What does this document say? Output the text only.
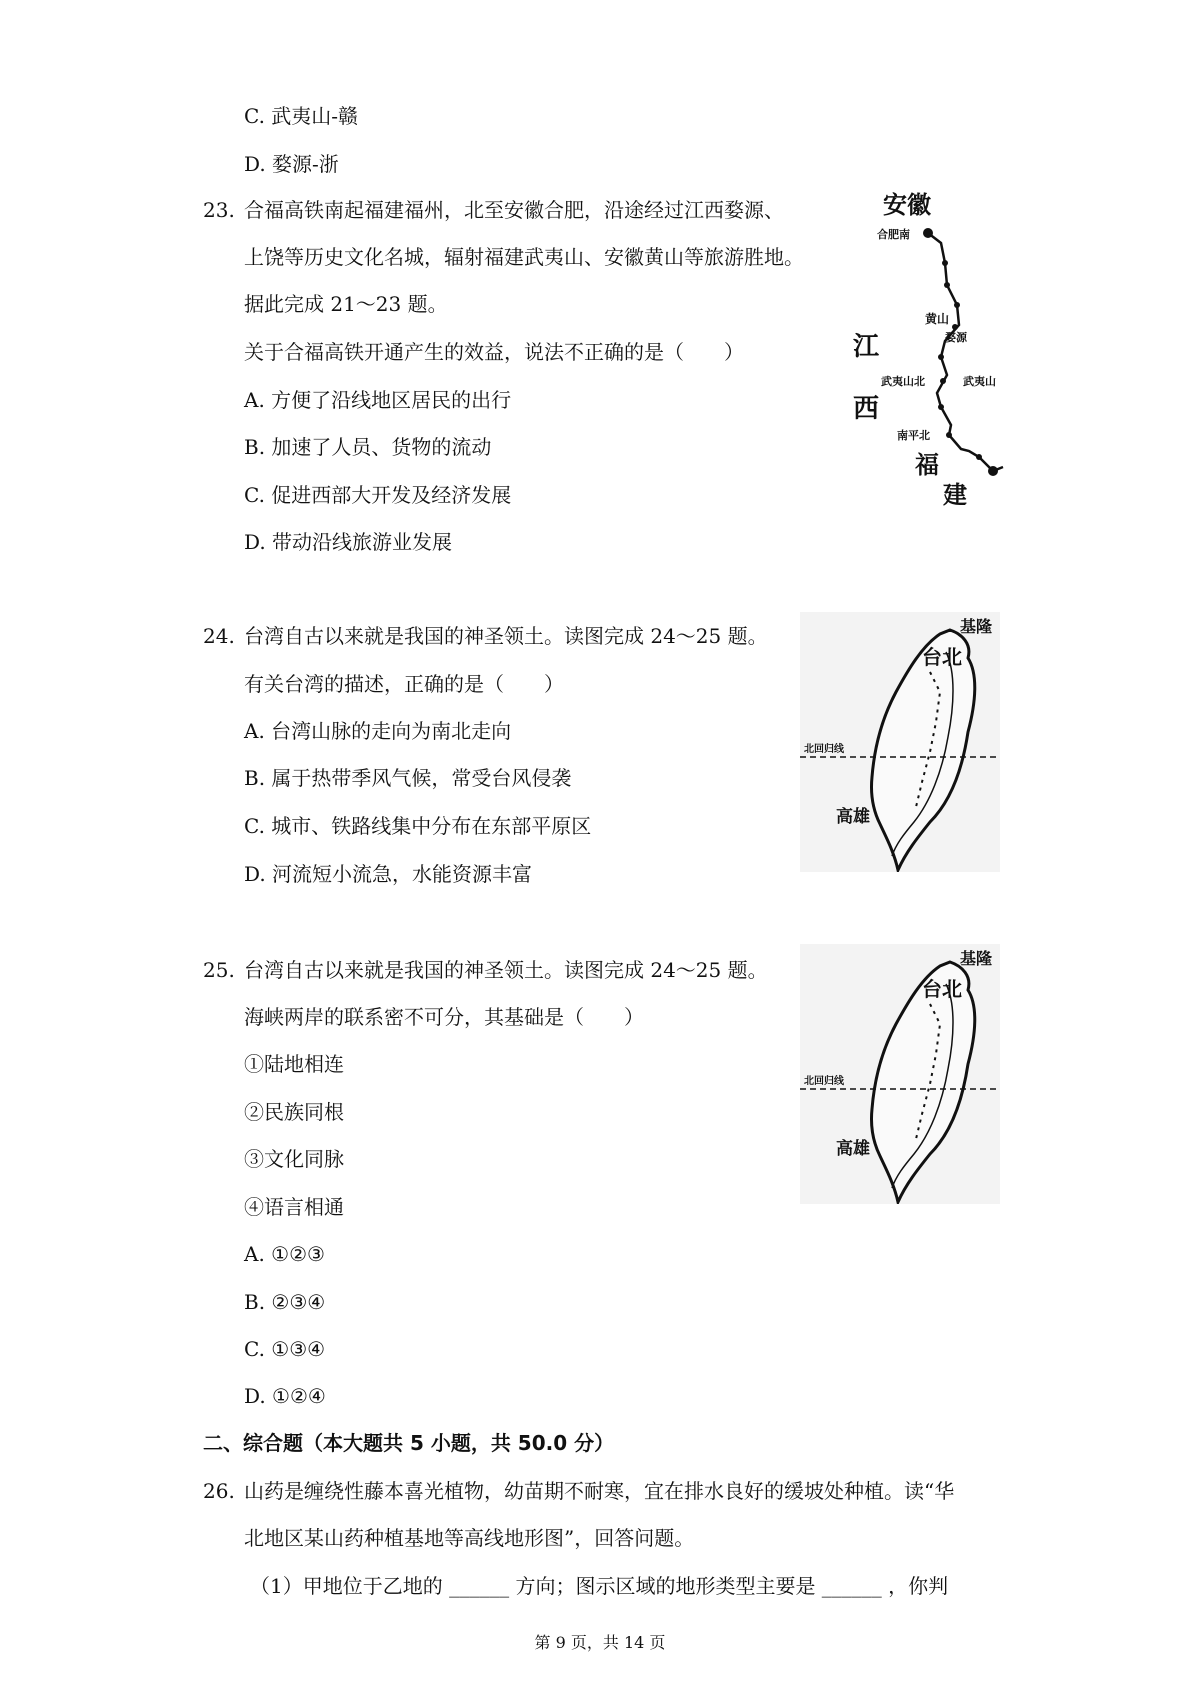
C. 武夷山-赣
D. 婺源-浙
23. 合福高铁南起福建福州，北至安徽合肥，沿途经过江西婺源、
上饶等历史文化名城，辐射福建武夷山、安徽黄山等旅游胜地。
据此完成 21～23 题。
关于合福高铁开通产生的效益，说法不正确的是（　　）
A. 方便了沿线地区居民的出行
B. 加速了人员、货物的流动
C. 促进西部大开发及经济发展
D. 带动沿线旅游业发展
安徽
江
西
福
建
合肥南
黄山
婺源
武夷山北	武夷山
南平北
24. 台湾自古以来就是我国的神圣领土。读图完成 24～25 题。
有关台湾的描述，正确的是（　　）
A. 台湾山脉的走向为南北走向
B. 属于热带季风气候，常受台风侵袭
C. 城市、铁路线集中分布在东部平原区
D. 河流短小流急，水能资源丰富
基隆
台北
北回归线
高雄
25. 台湾自古以来就是我国的神圣领土。读图完成 24～25 题。
海峡两岸的联系密不可分，其基础是（　　）
①陆地相连
②民族同根
③文化同脉
④语言相通
A. ①②③
B. ②③④
C. ①③④
D. ①②④
基隆
台北
北回归线
高雄
二、综合题（本大题共 5 小题，共 50.0 分）
26. 山药是缠绕性藤本喜光植物，幼苗期不耐寒，宜在排水良好的缓坡处种植。读“华
北地区某山药种植基地等高线地形图”，回答问题。
（1）甲地位于乙地的 ______ 方向；图示区域的地形类型主要是 ______ ，你判
第 9 页，共 14 页
